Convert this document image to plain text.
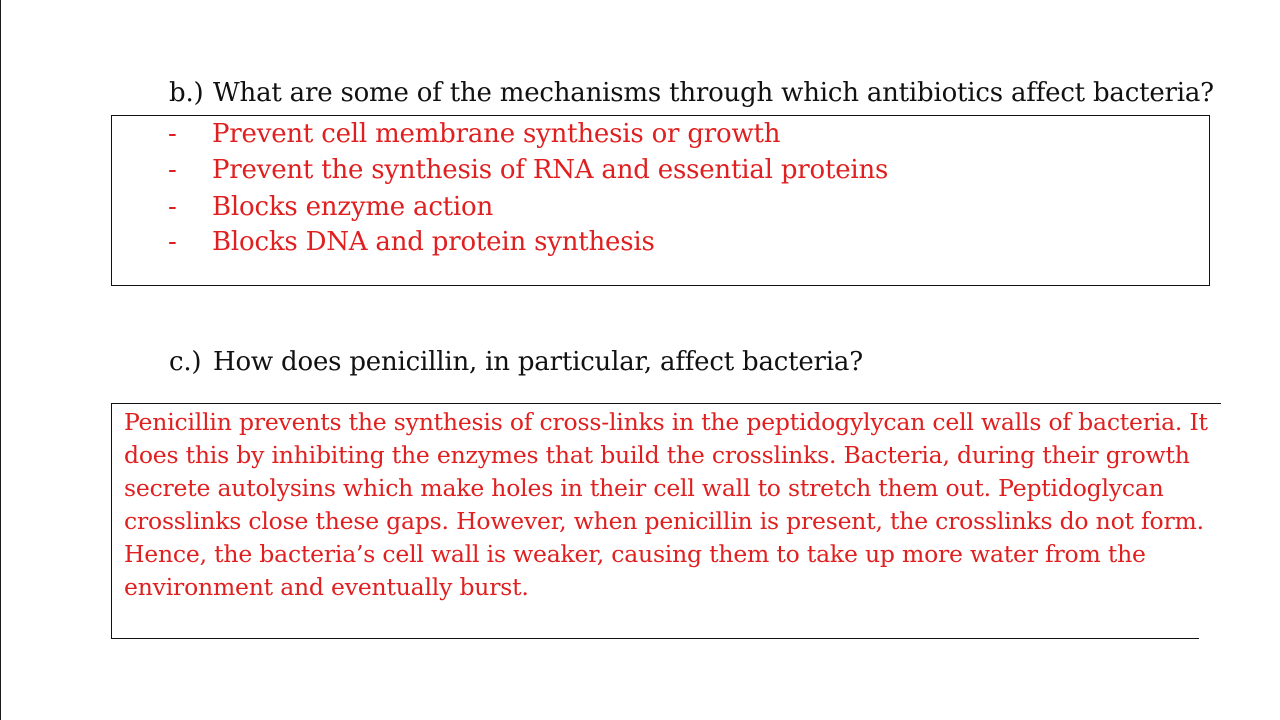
b.) What are some of the mechanisms through which antibiotics affect bacteria?
- Prevent cell membrane synthesis or growth
- Prevent the synthesis of RNA and essential proteins
- Blocks enzyme action
- Blocks DNA and protein synthesis
c.) How does penicillin, in particular, affect bacteria?
Penicillin prevents the synthesis of cross-links in the peptidogylycan cell walls of bacteria. It
does this by inhibiting the enzymes that build the crosslinks. Bacteria, during their growth
secrete autolysins which make holes in their cell wall to stretch them out. Peptidoglycan
crosslinks close these gaps. However, when penicillin is present, the crosslinks do not form.
Hence, the bacteria’s cell wall is weaker, causing them to take up more water from the
environment and eventually burst.
